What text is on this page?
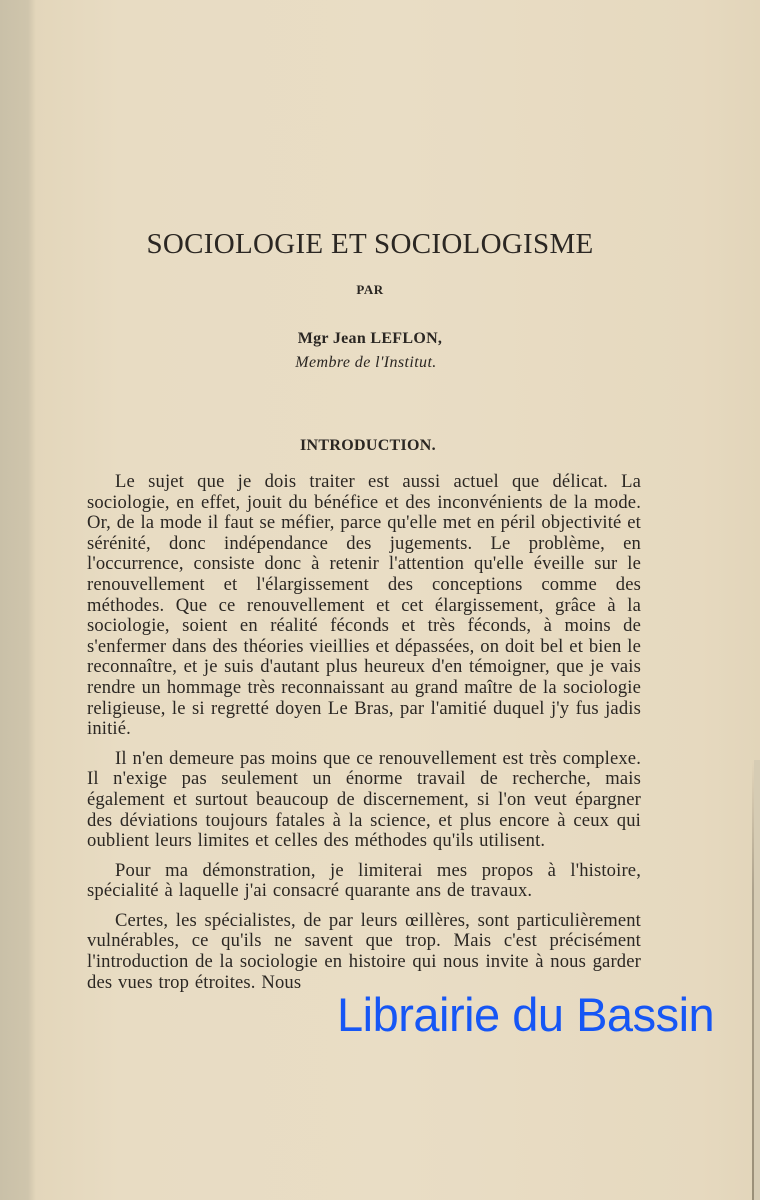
SOCIOLOGIE ET SOCIOLOGISME
PAR
Mgr Jean LEFLON,
Membre de l'Institut.
INTRODUCTION.

Le sujet que je dois traiter est aussi actuel que délicat. La sociologie, en effet, jouit du bénéfice et des inconvénients de la mode. Or, de la mode il faut se méfier, parce qu'elle met en péril objectivité et sérénité, donc indépendance des jugements. Le problème, en l'occurrence, consiste donc à retenir l'attention qu'elle éveille sur le renouvellement et l'élargissement des conceptions comme des méthodes. Que ce renouvellement et cet élargissement, grâce à la sociologie, soient en réalité féconds et très féconds, à moins de s'enfermer dans des théories vieillies et dépassées, on doit bel et bien le reconnaître, et je suis d'autant plus heureux d'en témoigner, que je vais rendre un hommage très reconnaissant au grand maître de la sociologie religieuse, le si regretté doyen Le Bras, par l'amitié duquel j'y fus jadis initié.

Il n'en demeure pas moins que ce renouvellement est très complexe. Il n'exige pas seulement un énorme travail de recherche, mais également et surtout beaucoup de discernement, si l'on veut épargner des déviations toujours fatales à la science, et plus encore à ceux qui oublient leurs limites et celles des méthodes qu'ils utilisent.

Pour ma démonstration, je limiterai mes propos à l'histoire, spécialité à laquelle j'ai consacré quarante ans de travaux.

Certes, les spécialistes, de par leurs œillères, sont particulièrement vulnérables, ce qu'ils ne savent que trop. Mais c'est précisément l'introduction de la sociologie en histoire qui nous invite à nous garder des vues trop étroites. Nous

Librairie du Bassin
